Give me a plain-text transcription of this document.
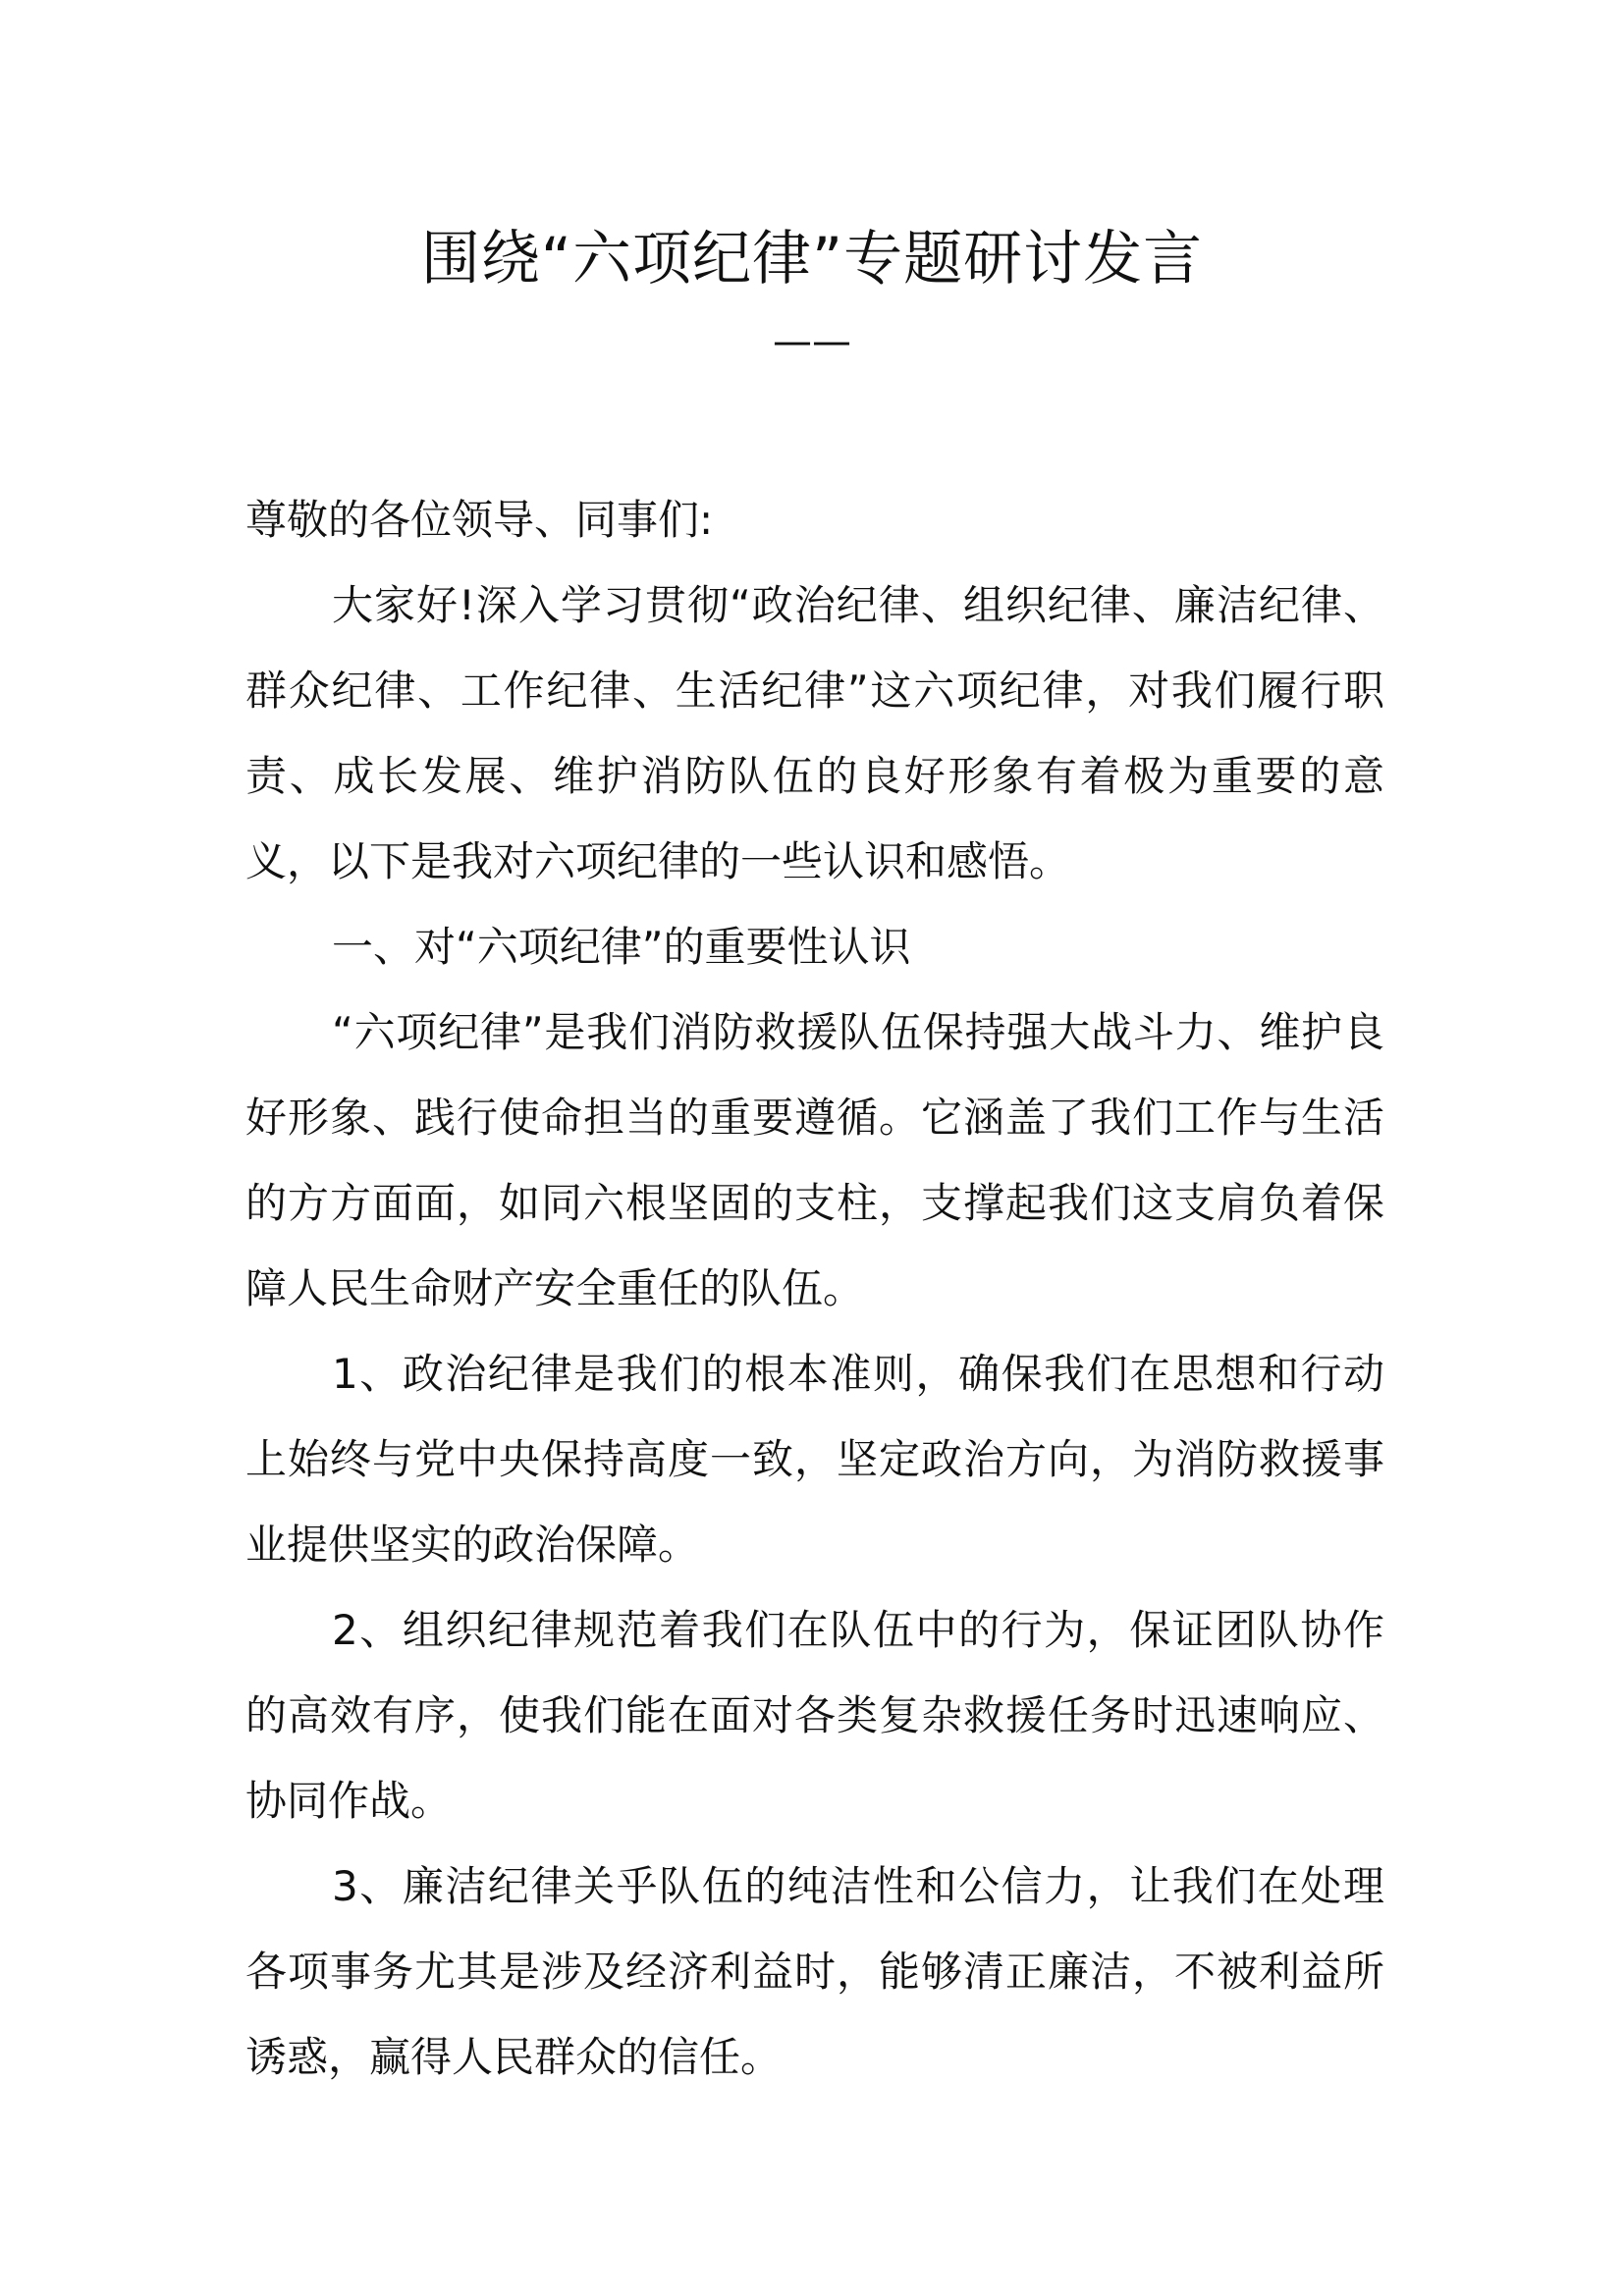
围绕“六项纪律”专题研讨发言
——

尊敬的各位领导、同事们:

大家好!深入学习贯彻“政治纪律、组织纪律、廉洁纪律、群众纪律、工作纪律、生活纪律”这六项纪律，对我们履行职责、成长发展、维护消防队伍的良好形象有着极为重要的意义，以下是我对六项纪律的一些认识和感悟。

一、对“六项纪律”的重要性认识

“六项纪律”是我们消防救援队伍保持强大战斗力、维护良好形象、践行使命担当的重要遵循。它涵盖了我们工作与生活的方方面面，如同六根坚固的支柱，支撑起我们这支肩负着保障人民生命财产安全重任的队伍。

1、政治纪律是我们的根本准则，确保我们在思想和行动上始终与党中央保持高度一致，坚定政治方向，为消防救援事业提供坚实的政治保障。

2、组织纪律规范着我们在队伍中的行为，保证团队协作的高效有序，使我们能在面对各类复杂救援任务时迅速响应、协同作战。

3、廉洁纪律关乎队伍的纯洁性和公信力，让我们在处理各项事务尤其是涉及经济利益时，能够清正廉洁，不被利益所诱惑，赢得人民群众的信任。
